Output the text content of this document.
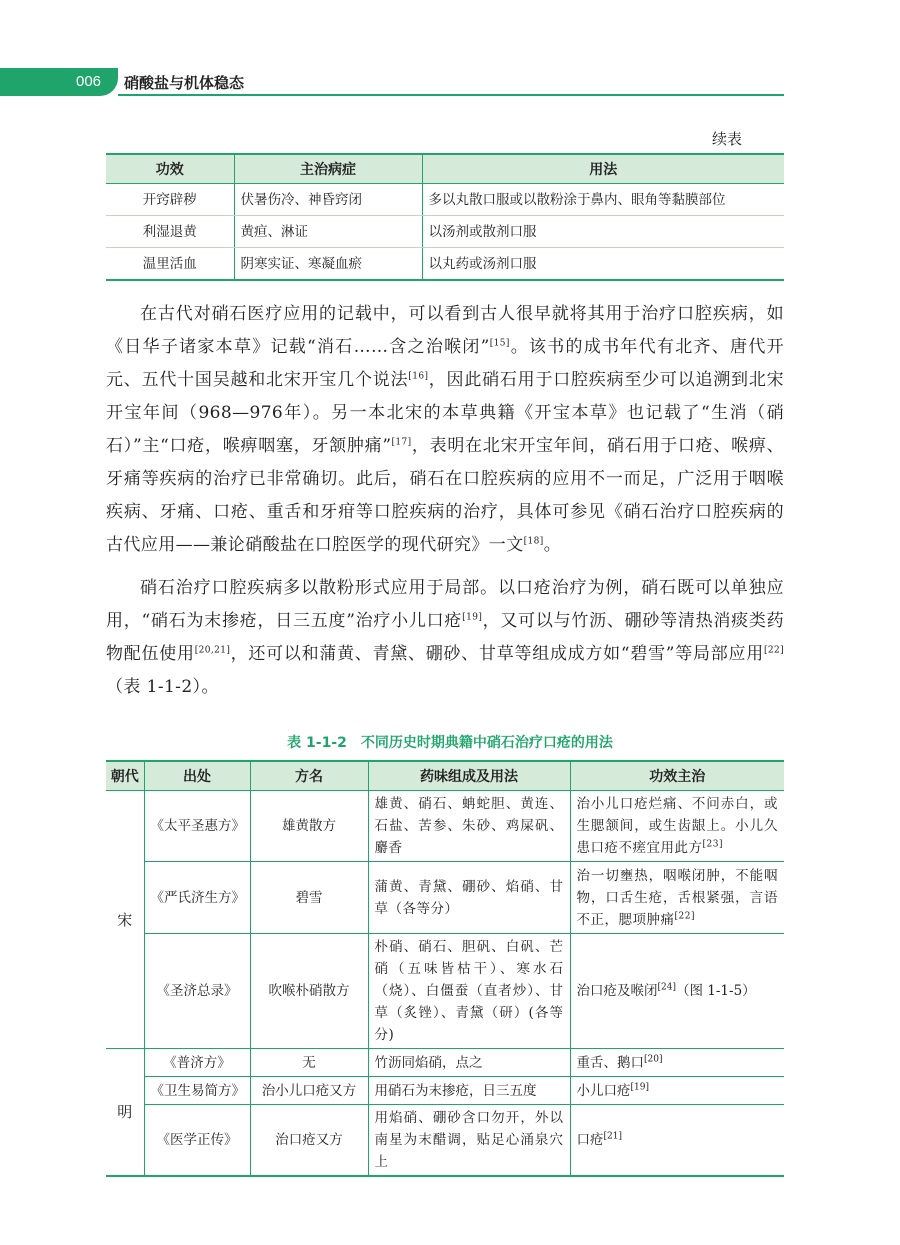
006 硝酸盐与机体稳态
续表
功效	主治病症	用法
开窍辟秽	伏暑伤冷、神昏窍闭	多以丸散口服或以散粉涂于鼻内、眼角等黏膜部位
利湿退黄	黄疸、淋证	以汤剂或散剂口服
温里活血	阴寒实证、寒凝血瘀	以丸药或汤剂口服

在古代对硝石医疗应用的记载中，可以看到古人很早就将其用于治疗口腔疾病，如《日华子诸家本草》记载“消石……含之治喉闭”[15]。该书的成书年代有北齐、唐代开元、五代十国吴越和北宋开宝几个说法[16]，因此硝石用于口腔疾病至少可以追溯到北宋开宝年间（968—976年）。另一本北宋的本草典籍《开宝本草》也记载了“生消（硝石）”主“口疮，喉痹咽塞，牙颔肿痛”[17]，表明在北宋开宝年间，硝石用于口疮、喉痹、牙痛等疾病的治疗已非常确切。此后，硝石在口腔疾病的应用不一而足，广泛用于咽喉疾病、牙痛、口疮、重舌和牙疳等口腔疾病的治疗，具体可参见《硝石治疗口腔疾病的古代应用——兼论硝酸盐在口腔医学的现代研究》一文[18]。

硝石治疗口腔疾病多以散粉形式应用于局部。以口疮治疗为例，硝石既可以单独应用，“硝石为末掺疮，日三五度”治疗小儿口疮[19]，又可以与竹沥、硼砂等清热消痰类药物配伍使用[20,21]，还可以和蒲黄、青黛、硼砂、甘草等组成成方如“碧雪”等局部应用[22]（表 1-1-2）。

表 1-1-2　不同历史时期典籍中硝石治疗口疮的用法
朝代	出处	方名	药味组成及用法	功效主治
宋	《太平圣惠方》	雄黄散方	雄黄、硝石、蚺蛇胆、黄连、石盐、苦参、朱砂、鸡屎矾、麝香	治小儿口疮烂痛、不问赤白，或生腮颔间，或生齿龈上。小儿久患口疮不瘥宜用此方[23]
	《严氏济生方》	碧雪	蒲黄、青黛、硼砂、焰硝、甘草（各等分）	治一切壅热，咽喉闭肿，不能咽物，口舌生疮，舌根紧强，言语不正，腮项肿痛[22]
	《圣济总录》	吹喉朴硝散方	朴硝、硝石、胆矾、白矾、芒硝（五味皆枯干）、寒水石（烧）、白僵蚕（直者炒）、甘草（炙锉）、青黛（研）(各等分)	治口疮及喉闭[24]（图 1-1-5）
明	《普济方》	无	竹沥同焰硝，点之	重舌、鹅口[20]
	《卫生易简方》	治小儿口疮又方	用硝石为末掺疮，日三五度	小儿口疮[19]
	《医学正传》	治口疮又方	用焰硝、硼砂含口勿开，外以南星为末醋调，贴足心涌泉穴上	口疮[21]
